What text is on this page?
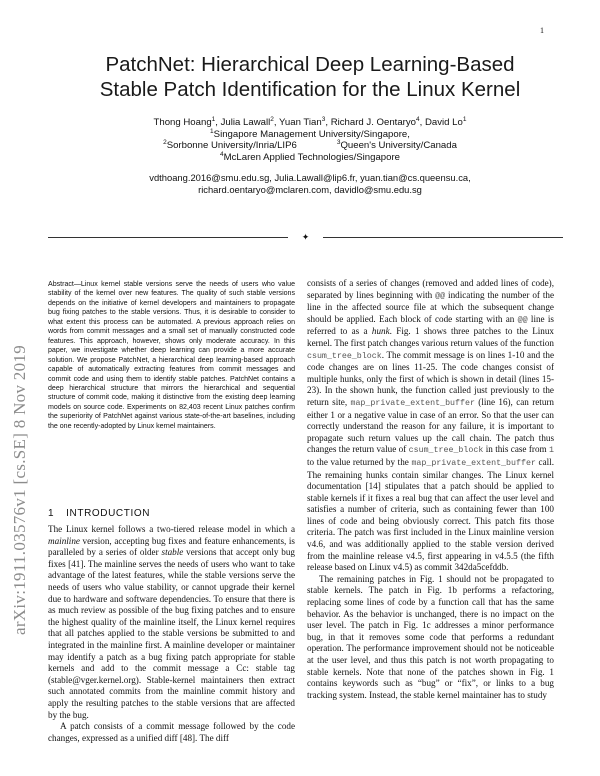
1
arXiv:1911.03576v1 [cs.SE] 8 Nov 2019
PatchNet: Hierarchical Deep Learning-Based
Stable Patch Identification for the Linux Kernel
Thong Hoang$^1$, Julia Lawall$^2$, Yuan Tian$^3$, Richard J. Oentaryo$^4$, David Lo$^1$
$^1$Singapore Management University/Singapore,
$^2$Sorbonne University/Inria/LIP6	$^3$Queen's University/Canada
$^4$McLaren Applied Technologies/Singapore
vdthoang.2016@smu.edu.sg, Julia.Lawall@lip6.fr, yuan.tian@cs.queensu.ca,
richard.oentaryo@mclaren.com, davidlo@smu.edu.sg
✦
Abstract—Linux kernel stable versions serve the needs of users who value stability of the kernel over new features. The quality of such stable versions depends on the initiative of kernel developers and maintainers to propagate bug fixing patches to the stable versions. Thus, it is desirable to consider to what extent this process can be automated. A previous approach relies on words from commit messages and a small set of manually constructed code features. This approach, however, shows only moderate accuracy. In this paper, we investigate whether deep learning can provide a more accurate solution. We propose PatchNet, a hierarchical deep learning-based approach capable of automatically extracting features from commit messages and commit code and using them to identify stable patches. PatchNet contains a deep hierarchical structure that mirrors the hierarchical and sequential structure of commit code, making it distinctive from the existing deep learning models on source code. Experiments on 82,403 recent Linux patches confirm the superiority of PatchNet against various state-of-the-art baselines, including the one recently-adopted by Linux kernel maintainers.
1 INTRODUCTION

The Linux kernel follows a two-tiered release model in which a mainline version, accepting bug fixes and feature enhancements, is paralleled by a series of older stable versions that accept only bug fixes [41]. The mainline serves the needs of users who want to take advantage of the latest features, while the stable versions serve the needs of users who value stability, or cannot upgrade their kernel due to hardware and software dependencies. To ensure that there is as much review as possible of the bug fixing patches and to ensure the highest quality of the mainline itself, the Linux kernel requires that all patches applied to the stable versions be submitted to and integrated in the mainline first. A mainline developer or maintainer may identify a patch as a bug fixing patch appropriate for stable kernels and add to the commit message a Cc: stable tag (stable@vger.kernel.org). Stable-kernel maintainers then extract such annotated commits from the mainline commit history and apply the resulting patches to the stable versions that are affected by the bug.

A patch consists of a commit message followed by the code changes, expressed as a unified diff [48]. The diff

consists of a series of changes (removed and added lines of code), separated by lines beginning with @@ indicating the number of the line in the affected source file at which the subsequent change should be applied. Each block of code starting with an @@ line is referred to as a hunk. Fig. 1 shows three patches to the Linux kernel. The first patch changes various return values of the function csum_tree_block. The commit message is on lines 1-10 and the code changes are on lines 11-25. The code changes consist of multiple hunks, only the first of which is shown in detail (lines 15-23). In the shown hunk, the function called just previously to the return site, map_private_extent_buffer (line 16), can return either 1 or a negative value in case of an error. So that the user can correctly understand the reason for any failure, it is important to propagate such return values up the call chain. The patch thus changes the return value of csum_tree_block in this case from 1 to the value returned by the map_private_extent_buffer call. The remaining hunks contain similar changes. The Linux kernel documentation [14] stipulates that a patch should be applied to stable kernels if it fixes a real bug that can affect the user level and satisfies a number of criteria, such as containing fewer than 100 lines of code and being obviously correct. This patch fits those criteria. The patch was first included in the Linux mainline version v4.6, and was additionally applied to the stable version derived from the mainline release v4.5, first appearing in v4.5.5 (the fifth release based on Linux v4.5) as commit 342da5cefddb.

The remaining patches in Fig. 1 should not be propagated to stable kernels. The patch in Fig. 1b performs a refactoring, replacing some lines of code by a function call that has the same behavior. As the behavior is unchanged, there is no impact on the user level. The patch in Fig. 1c addresses a minor performance bug, in that it removes some code that performs a redundant operation. The performance improvement should not be noticeable at the user level, and thus this patch is not worth propagating to stable kernels. Note that none of the patches shown in Fig. 1 contains keywords such as “bug” or “fix”, or links to a bug tracking system. Instead, the stable kernel maintainer has to study
